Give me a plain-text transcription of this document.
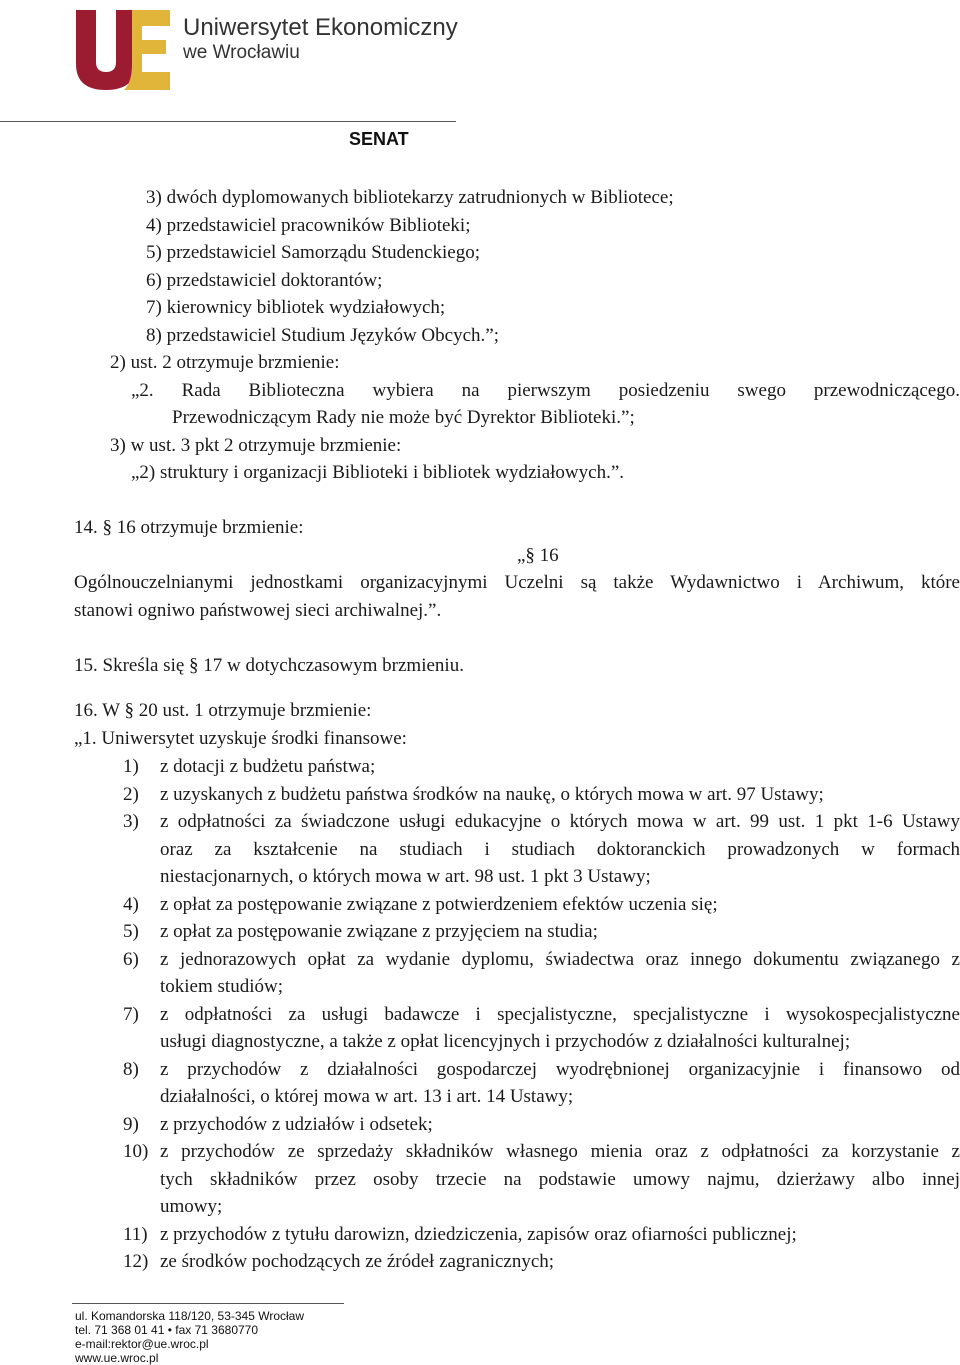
Uniwersytet Ekonomiczny
we Wrocławiu
SENAT
3) dwóch dyplomowanych bibliotekarzy zatrudnionych w Bibliotece;
4) przedstawiciel pracowników Biblioteki;
5) przedstawiciel Samorządu Studenckiego;
6) przedstawiciel doktorantów;
7) kierownicy bibliotek wydziałowych;
8) przedstawiciel Studium Języków Obcych.”;
2) ust. 2 otrzymuje brzmienie:
„2. Rada Biblioteczna wybiera na pierwszym posiedzeniu swego przewodniczącego.
Przewodniczącym Rady nie może być Dyrektor Biblioteki.”;
3) w ust. 3 pkt 2 otrzymuje brzmienie:
„2) struktury i organizacji Biblioteki i bibliotek wydziałowych.”.
14. § 16 otrzymuje brzmienie:
„§ 16
Ogólnouczelnianymi jednostkami organizacyjnymi Uczelni są także Wydawnictwo i Archiwum, które
stanowi ogniwo państwowej sieci archiwalnej.”.
15. Skreśla się § 17 w dotychczasowym brzmieniu.
16. W § 20 ust. 1 otrzymuje brzmienie:
„1. Uniwersytet uzyskuje środki finansowe:
1) z dotacji z budżetu państwa;
2) z uzyskanych z budżetu państwa środków na naukę, o których mowa w art. 97 Ustawy;
3) z odpłatności za świadczone usługi edukacyjne o których mowa w art. 99 ust. 1 pkt 1-6 Ustawy
oraz za kształcenie na studiach i studiach doktoranckich prowadzonych w formach
niestacjonarnych, o których mowa w art. 98 ust. 1 pkt 3 Ustawy;
4) z opłat za postępowanie związane z potwierdzeniem efektów uczenia się;
5) z opłat za postępowanie związane z przyjęciem na studia;
6) z jednorazowych opłat za wydanie dyplomu, świadectwa oraz innego dokumentu związanego z
tokiem studiów;
7) z odpłatności za usługi badawcze i specjalistyczne, specjalistyczne i wysokospecjalistyczne
usługi diagnostyczne, a także z opłat licencyjnych i przychodów z działalności kulturalnej;
8) z przychodów z działalności gospodarczej wyodrębnionej organizacyjnie i finansowo od
działalności, o której mowa w art. 13 i art. 14 Ustawy;
9) z przychodów z udziałów i odsetek;
10) z przychodów ze sprzedaży składników własnego mienia oraz z odpłatności za korzystanie z
tych składników przez osoby trzecie na podstawie umowy najmu, dzierżawy albo innej
umowy;
11) z przychodów z tytułu darowizn, dziedziczenia, zapisów oraz ofiarności publicznej;
12) ze środków pochodzących ze źródeł zagranicznych;
ul. Komandorska 118/120, 53-345 Wrocław
tel. 71 368 01 41 • fax 71 3680770
e-mail:rektor@ue.wroc.pl
www.ue.wroc.pl
